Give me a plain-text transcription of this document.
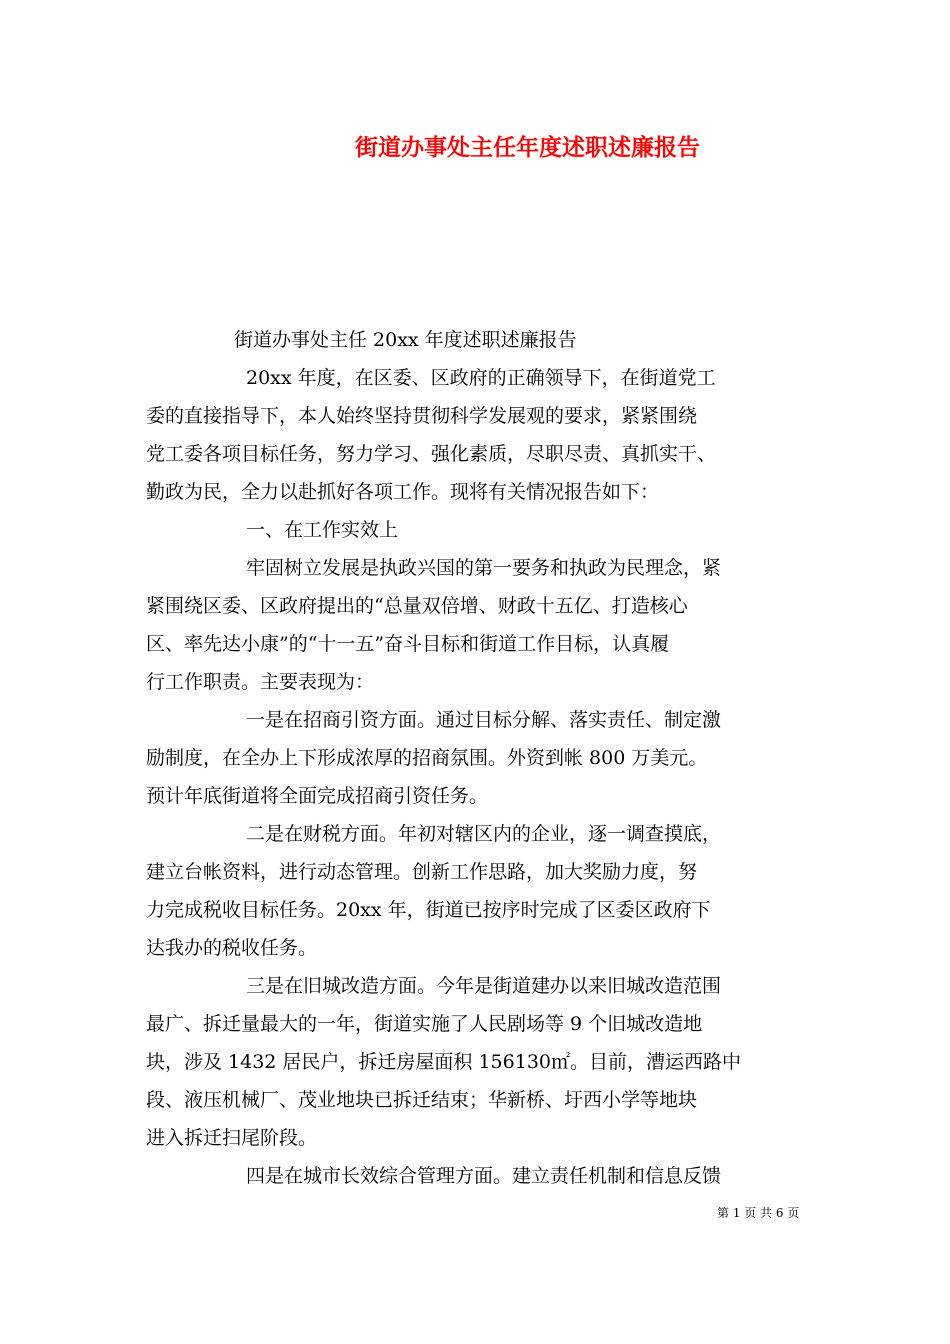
街道办事处主任年度述职述廉报告
街道办事处主任 20xx 年度述职述廉报告
20xx 年度，在区委、区政府的正确领导下，在街道党工
委的直接指导下，本人始终坚持贯彻科学发展观的要求，紧紧围绕
党工委各项目标任务，努力学习、强化素质，尽职尽责、真抓实干、
勤政为民，全力以赴抓好各项工作。现将有关情况报告如下：
一、在工作实效上
牢固树立发展是执政兴国的第一要务和执政为民理念，紧
紧围绕区委、区政府提出的“总量双倍增、财政十五亿、打造核心
区、率先达小康”的“十一五”奋斗目标和街道工作目标，认真履
行工作职责。主要表现为：
一是在招商引资方面。通过目标分解、落实责任、制定激
励制度，在全办上下形成浓厚的招商氛围。外资到帐 800 万美元。
预计年底街道将全面完成招商引资任务。
二是在财税方面。年初对辖区内的企业，逐一调查摸底，
建立台帐资料，进行动态管理。创新工作思路，加大奖励力度，努
力完成税收目标任务。20xx 年，街道已按序时完成了区委区政府下
达我办的税收任务。
三是在旧城改造方面。今年是街道建办以来旧城改造范围
最广、拆迁量最大的一年，街道实施了人民剧场等 9 个旧城改造地
块，涉及 1432 居民户，拆迁房屋面积 156130㎡。目前，漕运西路中
段、液压机械厂、茂业地块已拆迁结束；华新桥、圩西小学等地块
进入拆迁扫尾阶段。
四是在城市长效综合管理方面。建立责任机制和信息反馈
第 1 页 共 6 页
